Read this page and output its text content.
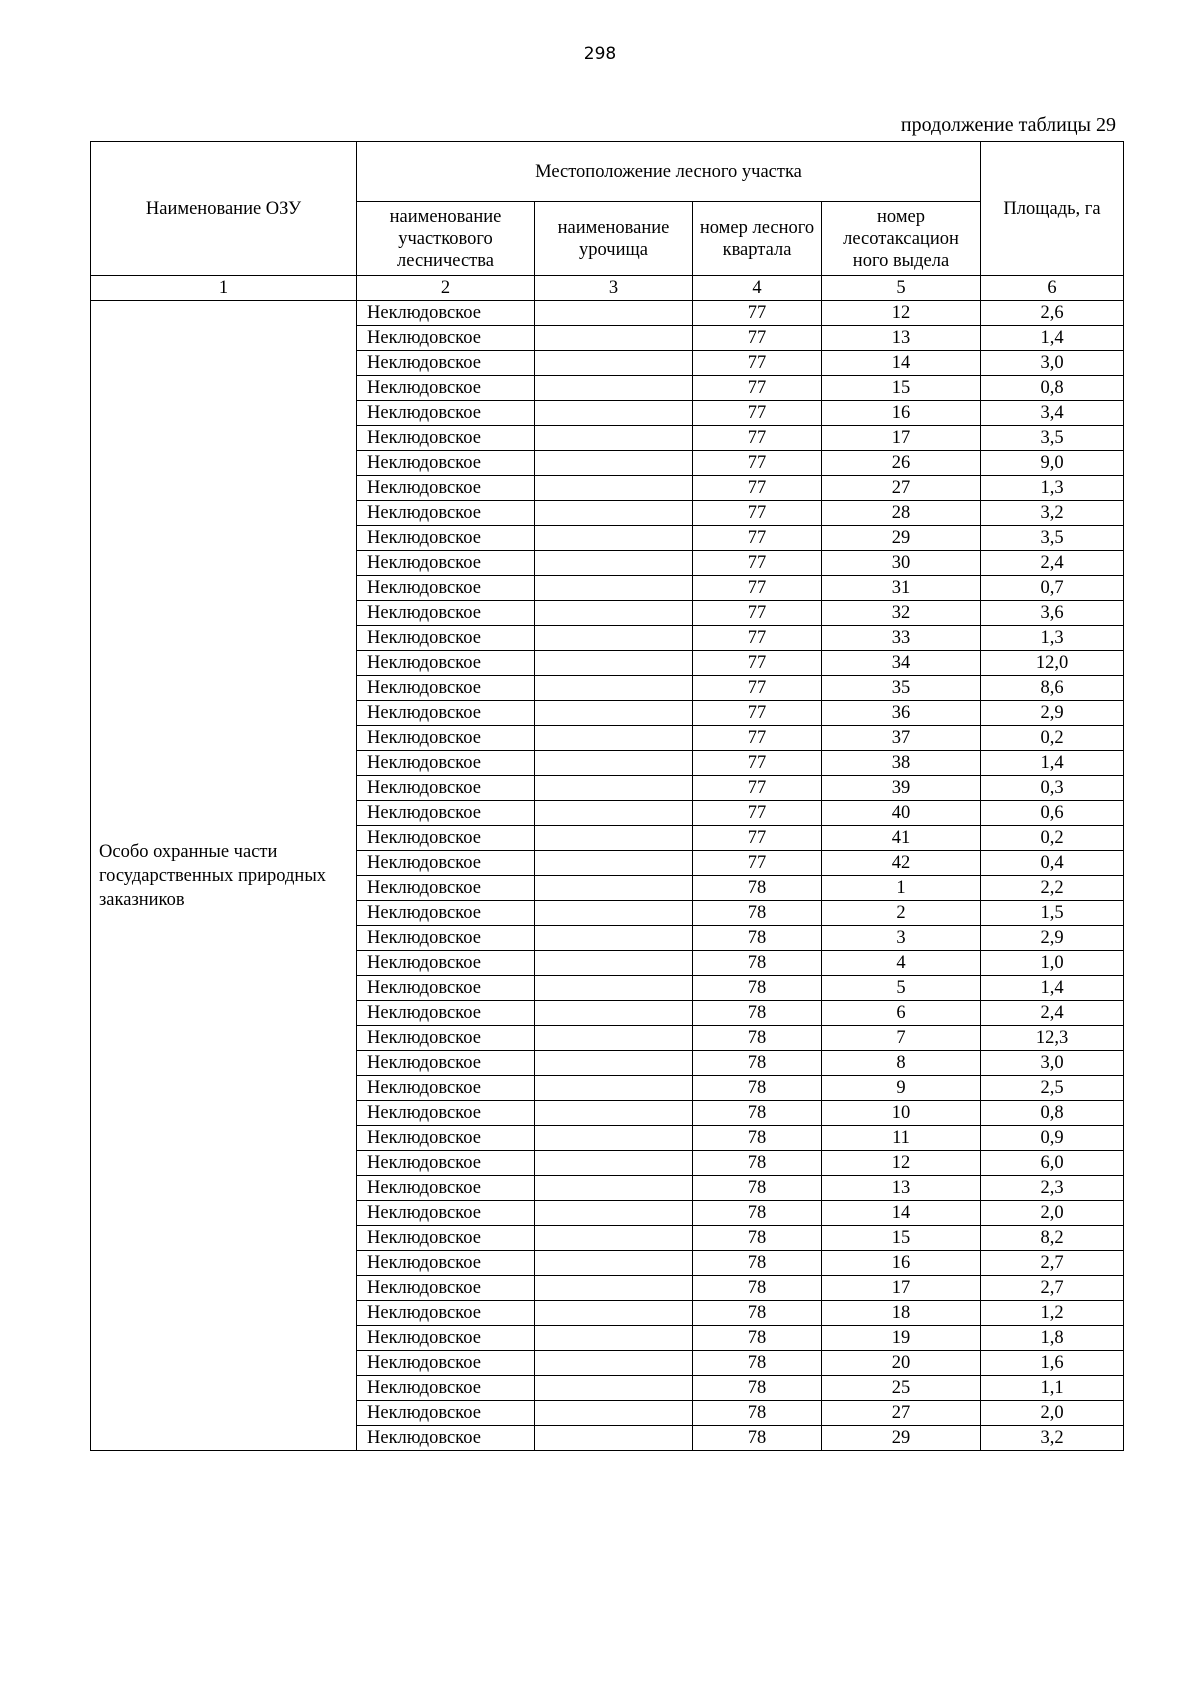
298
продолжение таблицы 29
Наименование ОЗУ	Местоположение лесного участка				Площадь, га
	наименование участкового лесничества	наименование урочища	номер лесного квартала	номер лесотаксацион ного выдела	
1	2	3	4	5	6
Особо охранные части государственных природных заказников	Неклюдовское		77	12	2,6
	Неклюдовское		77	13	1,4
	Неклюдовское		77	14	3,0
	Неклюдовское		77	15	0,8
	Неклюдовское		77	16	3,4
	Неклюдовское		77	17	3,5
	Неклюдовское		77	26	9,0
	Неклюдовское		77	27	1,3
	Неклюдовское		77	28	3,2
	Неклюдовское		77	29	3,5
	Неклюдовское		77	30	2,4
	Неклюдовское		77	31	0,7
	Неклюдовское		77	32	3,6
	Неклюдовское		77	33	1,3
	Неклюдовское		77	34	12,0
	Неклюдовское		77	35	8,6
	Неклюдовское		77	36	2,9
	Неклюдовское		77	37	0,2
	Неклюдовское		77	38	1,4
	Неклюдовское		77	39	0,3
	Неклюдовское		77	40	0,6
	Неклюдовское		77	41	0,2
	Неклюдовское		77	42	0,4
	Неклюдовское		78	1	2,2
	Неклюдовское		78	2	1,5
	Неклюдовское		78	3	2,9
	Неклюдовское		78	4	1,0
	Неклюдовское		78	5	1,4
	Неклюдовское		78	6	2,4
	Неклюдовское		78	7	12,3
	Неклюдовское		78	8	3,0
	Неклюдовское		78	9	2,5
	Неклюдовское		78	10	0,8
	Неклюдовское		78	11	0,9
	Неклюдовское		78	12	6,0
	Неклюдовское		78	13	2,3
	Неклюдовское		78	14	2,0
	Неклюдовское		78	15	8,2
	Неклюдовское		78	16	2,7
	Неклюдовское		78	17	2,7
	Неклюдовское		78	18	1,2
	Неклюдовское		78	19	1,8
	Неклюдовское		78	20	1,6
	Неклюдовское		78	25	1,1
	Неклюдовское		78	27	2,0
	Неклюдовское		78	29	3,2
